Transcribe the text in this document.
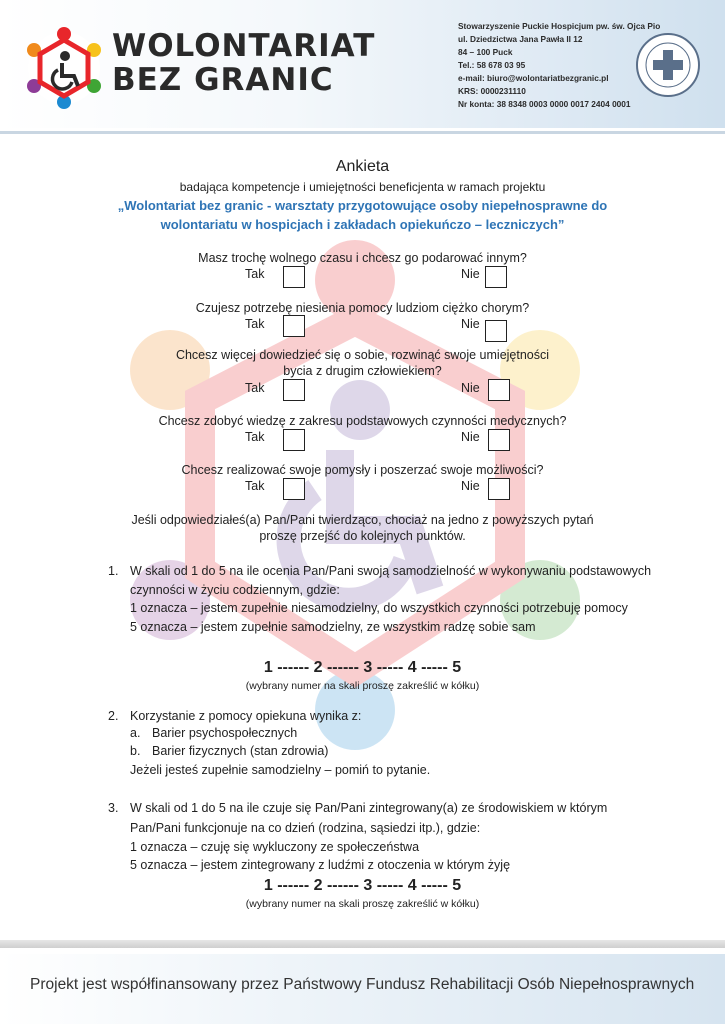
WOLONTARIAT
BEZ GRANIC
Stowarzyszenie Puckie Hospicjum pw. św. Ojca Pio
ul. Dziedzictwa Jana Pawła II 12
84 – 100 Puck
Tel.: 58 678 03 95
e-mail: biuro@wolontariatbezgranic.pl
KRS: 0000231110
Nr konta: 38 8348 0003 0000 0017 2404 0001
Ankieta
badająca kompetencje i umiejętności beneficjenta w ramach projektu
„Wolontariat bez granic - warsztaty przygotowujące osoby niepełnosprawne do
wolontariatu w hospicjach i zakładach opiekuńczo – leczniczych”
Masz trochę wolnego czasu i chcesz go podarować innym?
Tak	Nie
Czujesz potrzebę niesienia pomocy ludziom ciężko chorym?
Tak	Nie
Chcesz więcej dowiedzieć się o sobie, rozwinąć swoje umiejętności
bycia z drugim człowiekiem?
Tak	Nie
Chcesz zdobyć wiedzę z zakresu podstawowych czynności medycznych?
Tak	Nie
Chcesz realizować swoje pomysły i poszerzać swoje możliwości?
Tak	Nie
Jeśli odpowiedziałeś(a) Pan/Pani twierdząco, chociaż na jedno z powyższych pytań
proszę przejść do kolejnych punktów.
1. W skali od 1 do 5 na ile ocenia Pan/Pani swoją samodzielność w wykonywaniu podstawowych
czynności w życiu codziennym, gdzie:
1 oznacza – jestem zupełnie niesamodzielny, do wszystkich czynności potrzebuję pomocy
5 oznacza – jestem zupełnie samodzielny, ze wszystkim radzę sobie sam
1 ------ 2 ------ 3 ----- 4 ----- 5
(wybrany numer na skali proszę zakreślić w kółku)
2. Korzystanie z pomocy opiekuna wynika z:
a. Barier psychospołecznych
b. Barier fizycznych (stan zdrowia)
Jeżeli jesteś zupełnie samodzielny – pomiń to pytanie.
3. W skali od 1 do 5 na ile czuje się Pan/Pani zintegrowany(a) ze środowiskiem w którym
Pan/Pani funkcjonuje na co dzień (rodzina, sąsiedzi itp.), gdzie:
1 oznacza – czuję się wykluczony ze społeczeństwa
5 oznacza – jestem zintegrowany z ludźmi z otoczenia w którym żyję
1 ------ 2 ------ 3 ----- 4 ----- 5
(wybrany numer na skali proszę zakreślić w kółku)
Projekt jest współfinansowany przez Państwowy Fundusz Rehabilitacji Osób Niepełnosprawnych
